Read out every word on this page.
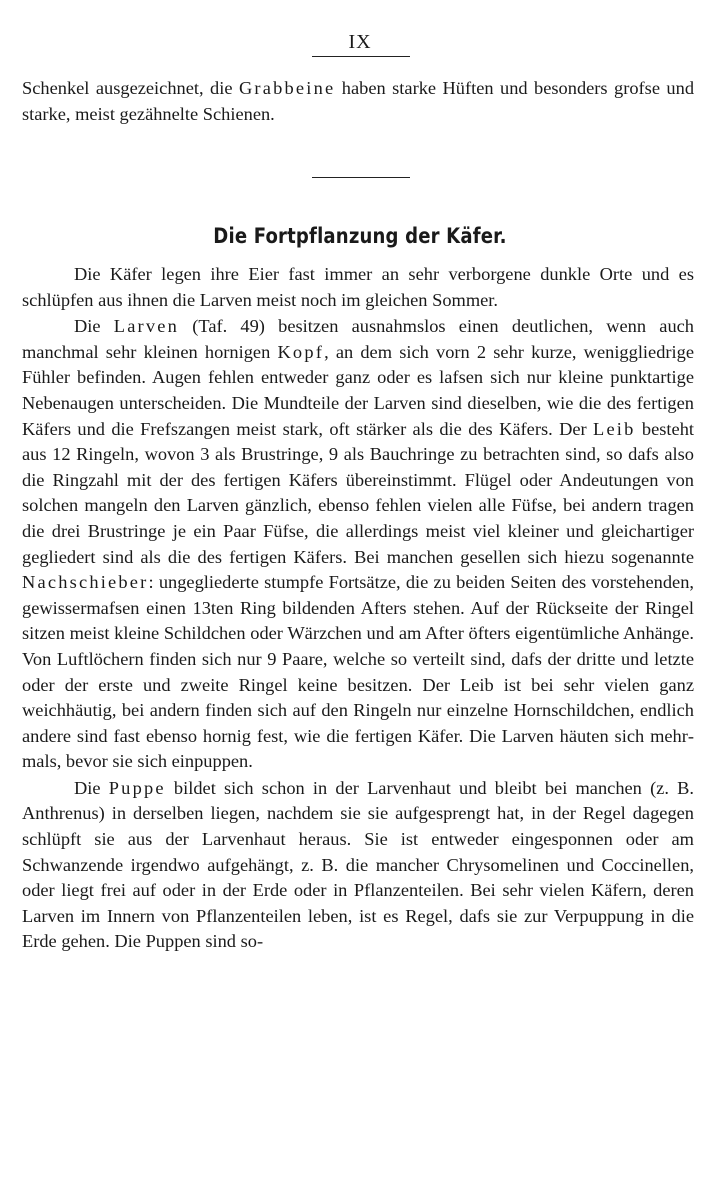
IX

Schenkel ausgezeichnet, die Grabbeine haben starke Hüften und besonders grofse und starke, meist gezähnelte Schienen.

Die Fortpflanzung der Käfer.

Die Käfer legen ihre Eier fast immer an sehr verborgene dunkle Orte und es schlüpfen aus ihnen die Larven meist noch im gleichen Sommer.

Die Larven (Taf. 49) besitzen ausnahmslos einen deutlichen, wenn auch manchmal sehr kleinen hornigen Kopf, an dem sich vorn 2 sehr kurze, weniggliedrige Fühler befinden. Augen fehlen entweder ganz oder es lafsen sich nur kleine punktartige Nebenaugen unterscheiden. Die Mundteile der Larven sind dieselben, wie die des fertigen Käfers und die Frefszangen meist stark, oft stärker als die des Käfers. Der Leib besteht aus 12 Ringeln, wovon 3 als Brustringe, 9 als Bauchringe zu betrachten sind, so dafs also die Ringzahl mit der des fertigen Käfers übereinstimmt. Flügel oder Andeutungen von solchen mangeln den Larven gänzlich, ebenso fehlen vielen alle Füfse, bei andern tragen die drei Brustringe je ein Paar Füfse, die allerdings meist viel kleiner und gleichartiger gegliedert sind als die des fertigen Käfers. Bei manchen gesellen sich hiezu sogenannte Nachschieber: ungegliederte stumpfe Fortsätze, die zu beiden Seiten des vorstehenden, gewissermafsen einen 13ten Ring bildenden Afters stehen. Auf der Rückseite der Ringel sitzen meist kleine Schildchen oder Wärzchen und am After öfters eigentümliche Anhänge. Von Luftlöchern finden sich nur 9 Paare, welche so verteilt sind, dafs der dritte und letzte oder der erste und zweite Ringel keine besitzen. Der Leib ist bei sehr vielen ganz weichhäutig, bei andern finden sich auf den Ringeln nur einzelne Hornschildchen, endlich andere sind fast ebenso hornig fest, wie die fertigen Käfer. Die Larven häuten sich mehrmals, bevor sie sich einpuppen.

Die Puppe bildet sich schon in der Larvenhaut und bleibt bei manchen (z. B. Anthrenus) in derselben liegen, nachdem sie sie aufgesprengt hat, in der Regel dagegen schlüpft sie aus der Larvenhaut heraus. Sie ist entweder eingesponnen oder am Schwanzende irgendwo aufgehängt, z. B. die mancher Chrysomelinen und Coccinellen, oder liegt frei auf oder in der Erde oder in Pflanzenteilen. Bei sehr vielen Käfern, deren Larven im Innern von Pflanzenteilen leben, ist es Regel, dafs sie zur Verpuppung in die Erde gehen. Die Puppen sind so-
